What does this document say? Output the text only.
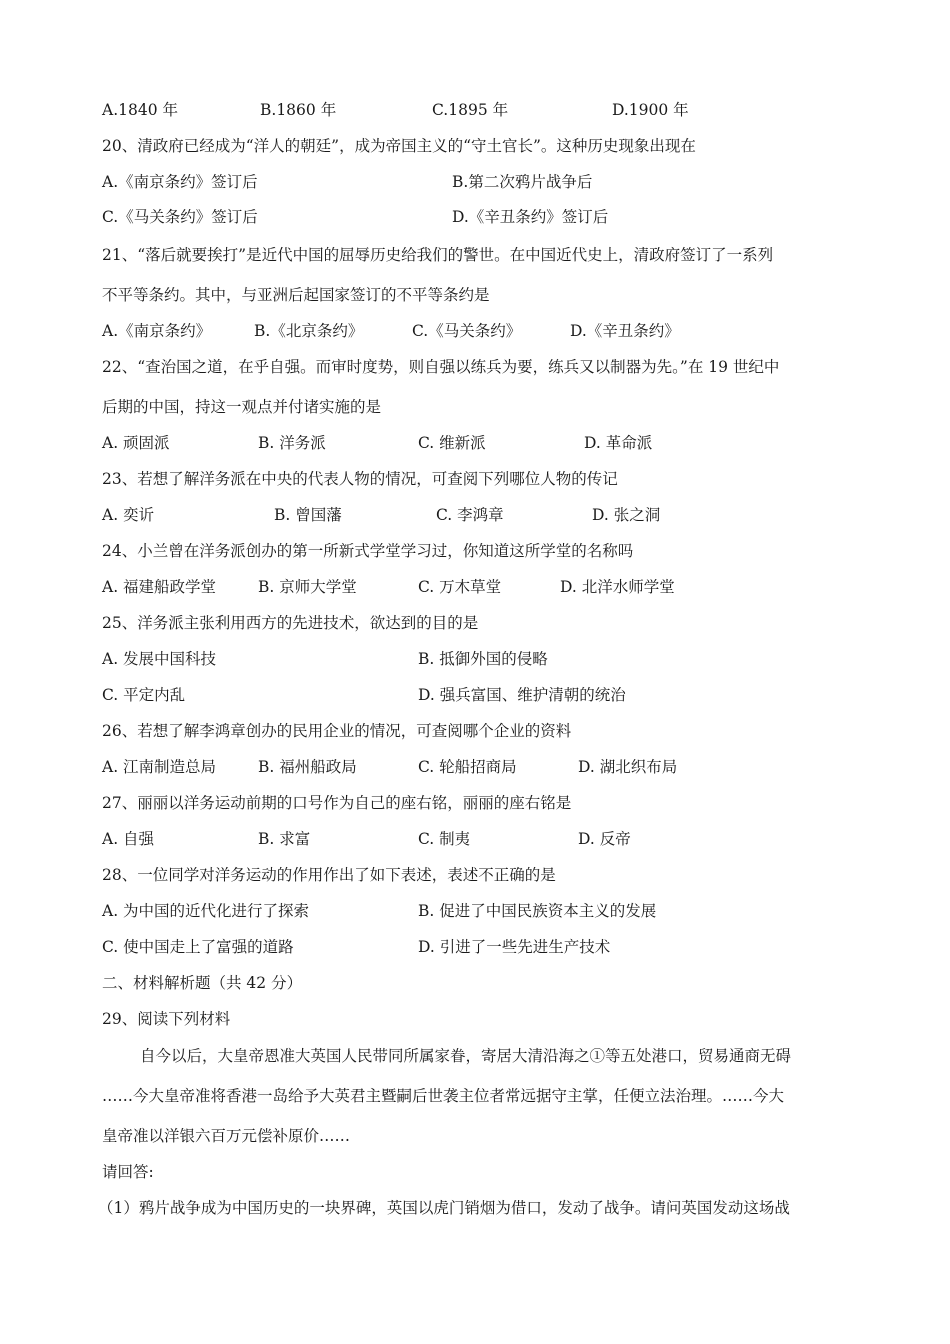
A.1840 年	B.1860 年	C.1895 年	D.1900 年
20、清政府已经成为“洋人的朝廷”，成为帝国主义的“守土官长”。这种历史现象出现在
A.《南京条约》签订后	B.第二次鸦片战争后
C.《马关条约》签订后	D.《辛丑条约》签订后
21、“落后就要挨打”是近代中国的屈辱历史给我们的警世。在中国近代史上，清政府签订了一系列
不平等条约。其中，与亚洲后起国家签订的不平等条约是
A.《南京条约》	B.《北京条约》	C.《马关条约》	D.《辛丑条约》
22、“查治国之道，在乎自强。而审时度势，则自强以练兵为要，练兵又以制器为先。”在 19 世纪中
后期的中国，持这一观点并付诸实施的是
A. 顽固派	B. 洋务派	C. 维新派	D. 革命派
23、若想了解洋务派在中央的代表人物的情况，可查阅下列哪位人物的传记
A. 奕䜣	B. 曾国藩	C. 李鸿章	D. 张之洞
24、小兰曾在洋务派创办的第一所新式学堂学习过，你知道这所学堂的名称吗
A. 福建船政学堂	B. 京师大学堂	C. 万木草堂	D. 北洋水师学堂
25、洋务派主张利用西方的先进技术，欲达到的目的是
A. 发展中国科技	B. 抵御外国的侵略
C. 平定内乱	D. 强兵富国、维护清朝的统治
26、若想了解李鸿章创办的民用企业的情况，可查阅哪个企业的资料
A. 江南制造总局	B. 福州船政局	C. 轮船招商局	D. 湖北织布局
27、丽丽以洋务运动前期的口号作为自己的座右铭，丽丽的座右铭是
A. 自强	B. 求富	C. 制夷	D. 反帝
28、一位同学对洋务运动的作用作出了如下表述，表述不正确的是
A. 为中国的近代化进行了探索	B. 促进了中国民族资本主义的发展
C. 使中国走上了富强的道路	D. 引进了一些先进生产技术
二、材料解析题（共 42 分）
29、阅读下列材料
自今以后，大皇帝恩准大英国人民带同所属家眷，寄居大清沿海之①等五处港口，贸易通商无碍
……今大皇帝准将香港一岛给予大英君主暨嗣后世袭主位者常远据守主掌，任便立法治理。……今大
皇帝准以洋银六百万元偿补原价……
请回答:
（1）鸦片战争成为中国历史的一块界碑，英国以虎门销烟为借口，发动了战争。请问英国发动这场战
